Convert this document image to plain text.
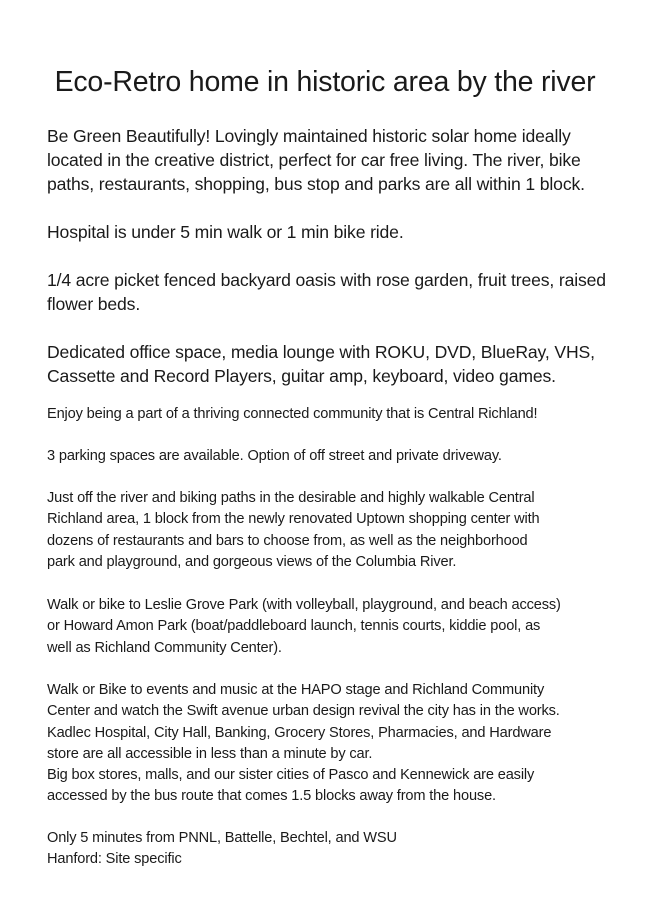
Eco-Retro home in historic area by the river

Be Green Beautifully! Lovingly maintained historic solar home ideally
located in the creative district, perfect for car free living. The river, bike
paths, restaurants, shopping, bus stop and parks are all within 1 block.

Hospital is under 5 min walk or 1 min bike ride.

1/4 acre picket fenced backyard oasis with rose garden, fruit trees, raised
flower beds.

Dedicated office space, media lounge with ROKU, DVD, BlueRay, VHS,
Cassette and Record Players, guitar amp, keyboard, video games.

Enjoy being a part of a thriving connected community that is Central Richland!

3 parking spaces are available. Option of off street and private driveway.

Just off the river and biking paths in the desirable and highly walkable Central
Richland area, 1 block from the newly renovated Uptown shopping center with
dozens of restaurants and bars to choose from, as well as the neighborhood
park and playground, and gorgeous views of the Columbia River.

Walk or bike to Leslie Grove Park (with volleyball, playground, and beach access)
or Howard Amon Park (boat/paddleboard launch, tennis courts, kiddie pool, as
well as Richland Community Center).

Walk or Bike to events and music at the HAPO stage and Richland Community
Center and watch the Swift avenue urban design revival the city has in the works.
Kadlec Hospital, City Hall, Banking, Grocery Stores, Pharmacies, and Hardware
store are all accessible in less than a minute by car.
Big box stores, malls, and our sister cities of Pasco and Kennewick are easily
accessed by the bus route that comes 1.5 blocks away from the house.

Only 5 minutes from PNNL, Battelle, Bechtel, and WSU
Hanford: Site specific
